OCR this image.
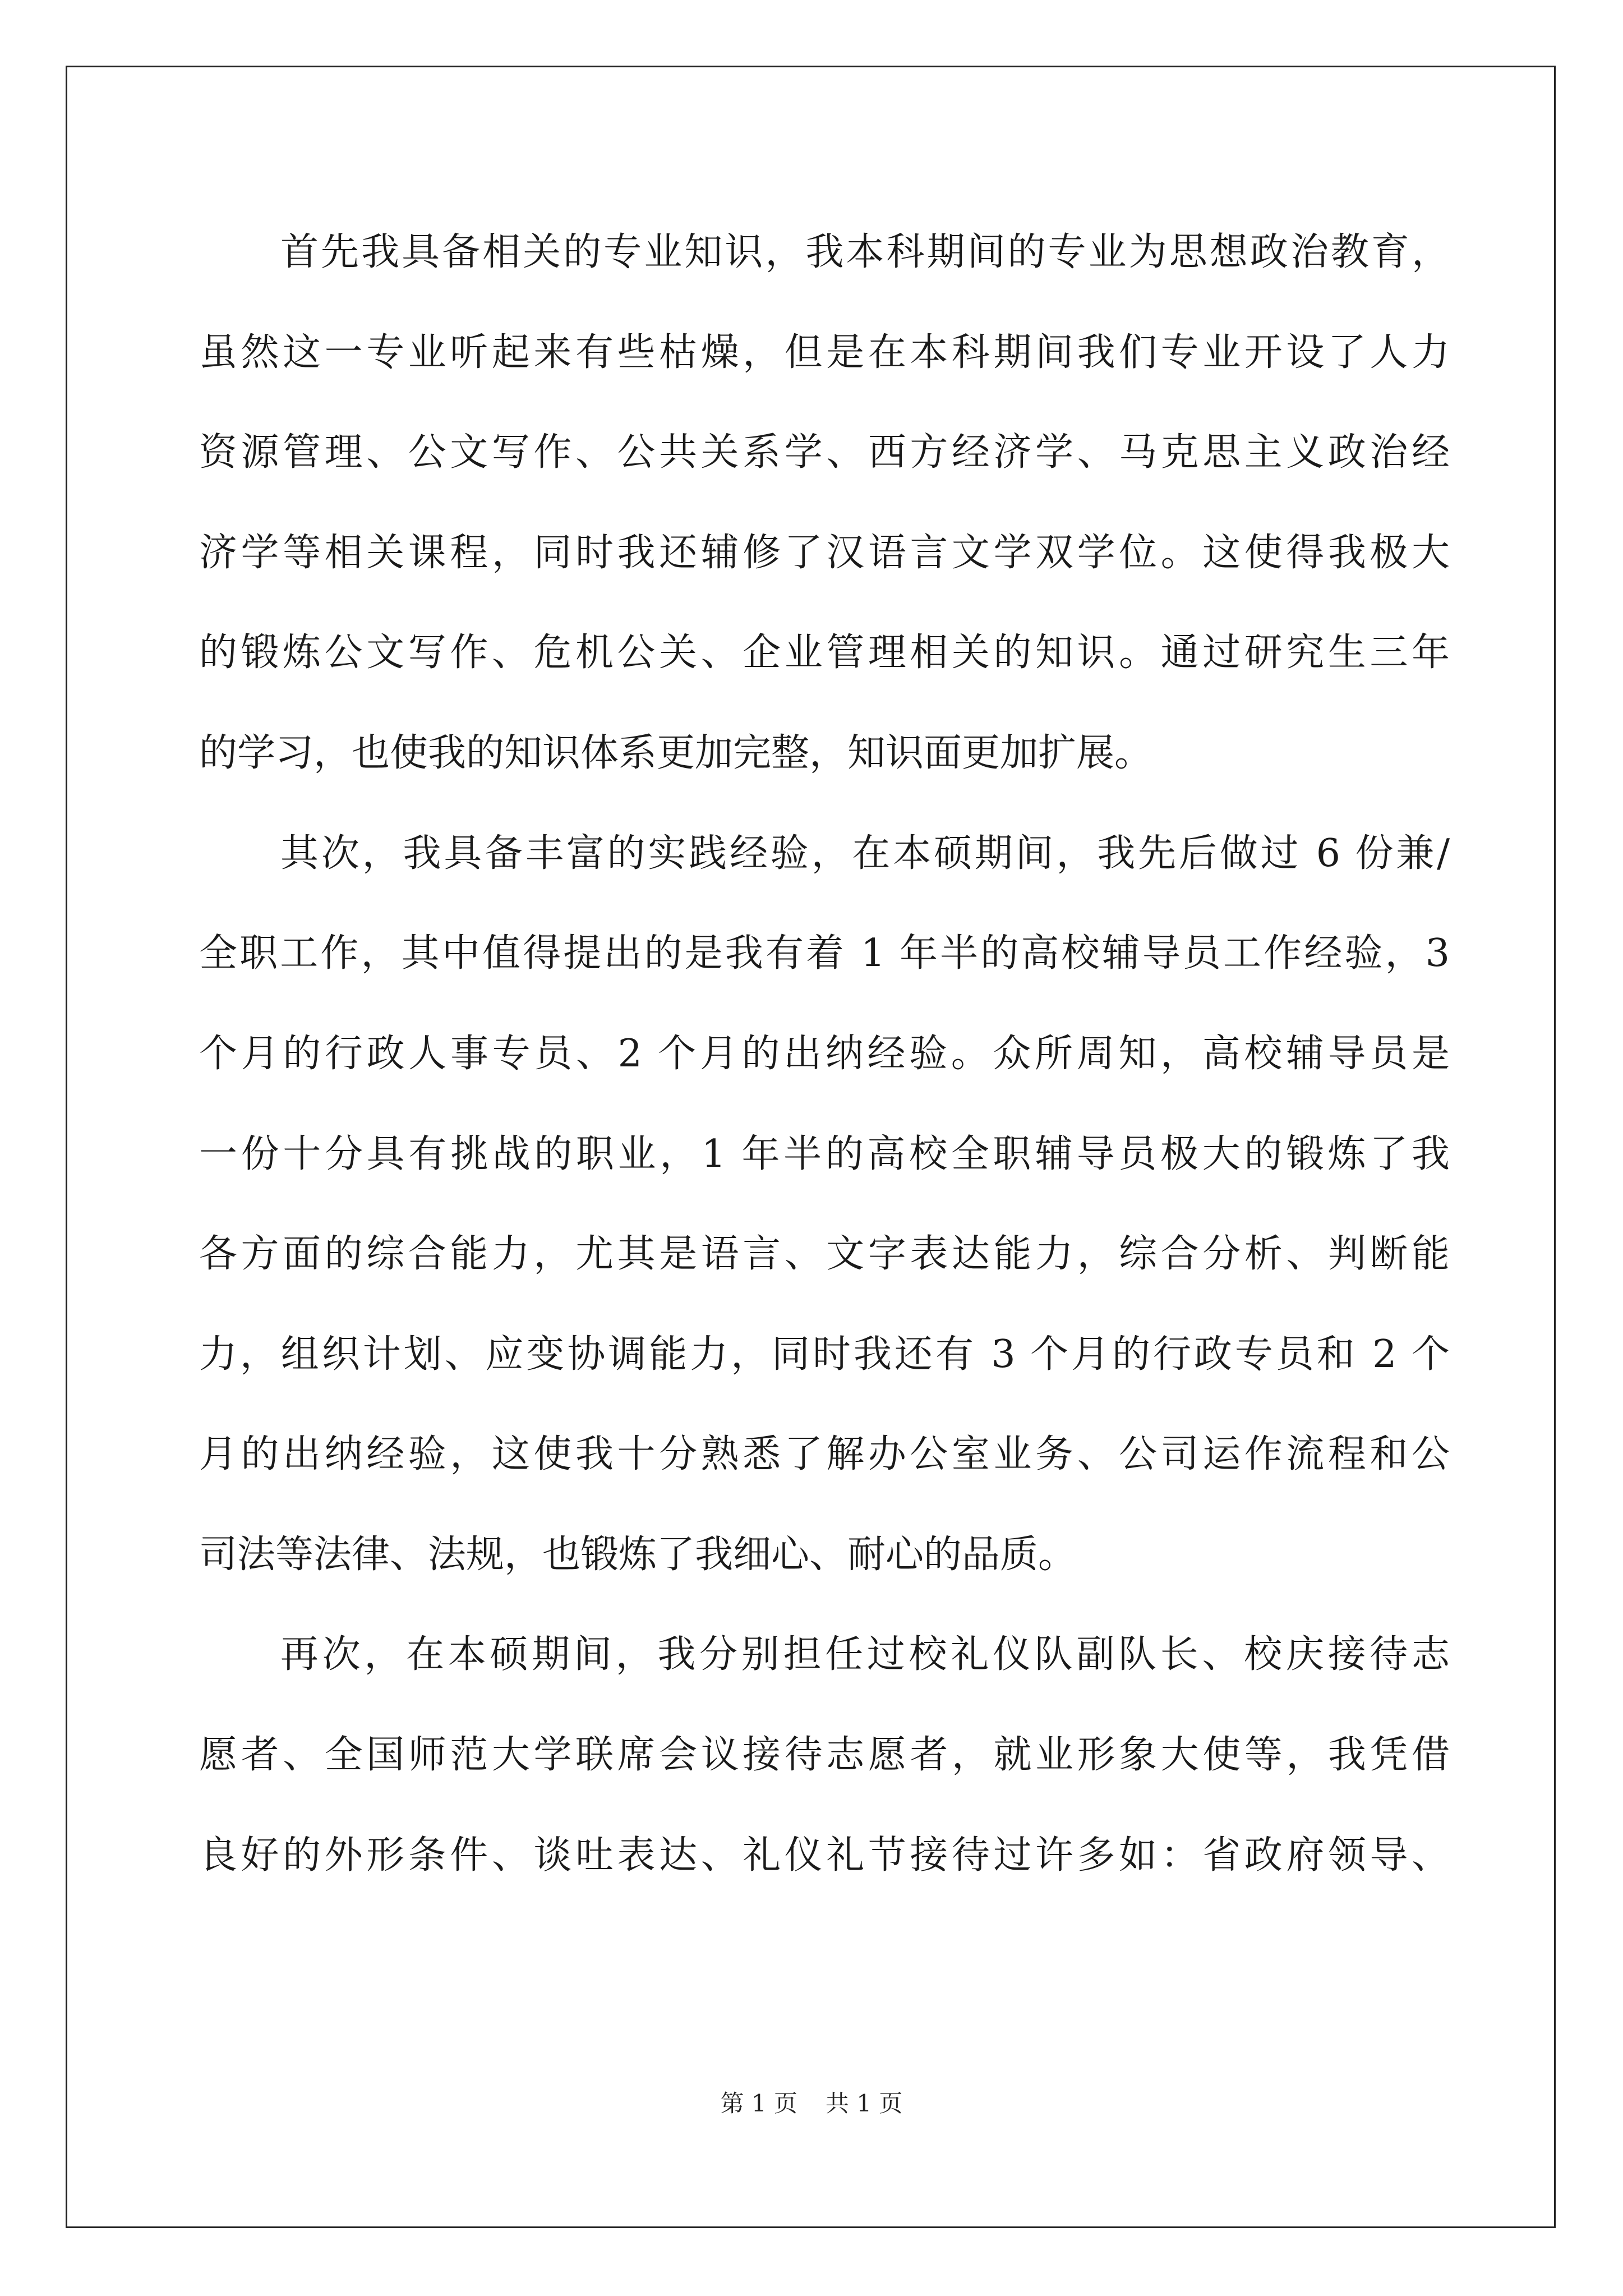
首先我具备相关的专业知识，我本科期间的专业为思想政治教育，
虽然这一专业听起来有些枯燥，但是在本科期间我们专业开设了人力
资源管理、公文写作、公共关系学、西方经济学、马克思主义政治经
济学等相关课程，同时我还辅修了汉语言文学双学位。这使得我极大
的锻炼公文写作、危机公关、企业管理相关的知识。通过研究生三年
的学习，也使我的知识体系更加完整，知识面更加扩展。
其次，我具备丰富的实践经验，在本硕期间，我先后做过 6 份兼/
全职工作，其中值得提出的是我有着 1 年半的高校辅导员工作经验，3
个月的行政人事专员、2 个月的出纳经验。众所周知，高校辅导员是
一份十分具有挑战的职业，1 年半的高校全职辅导员极大的锻炼了我
各方面的综合能力，尤其是语言、文字表达能力，综合分析、判断能
力，组织计划、应变协调能力，同时我还有 3 个月的行政专员和 2 个
月的出纳经验，这使我十分熟悉了解办公室业务、公司运作流程和公
司法等法律、法规，也锻炼了我细心、耐心的品质。
再次，在本硕期间，我分别担任过校礼仪队副队长、校庆接待志
愿者、全国师范大学联席会议接待志愿者，就业形象大使等，我凭借
良好的外形条件、谈吐表达、礼仪礼节接待过许多如：省政府领导、
第 1 页 共 1 页
